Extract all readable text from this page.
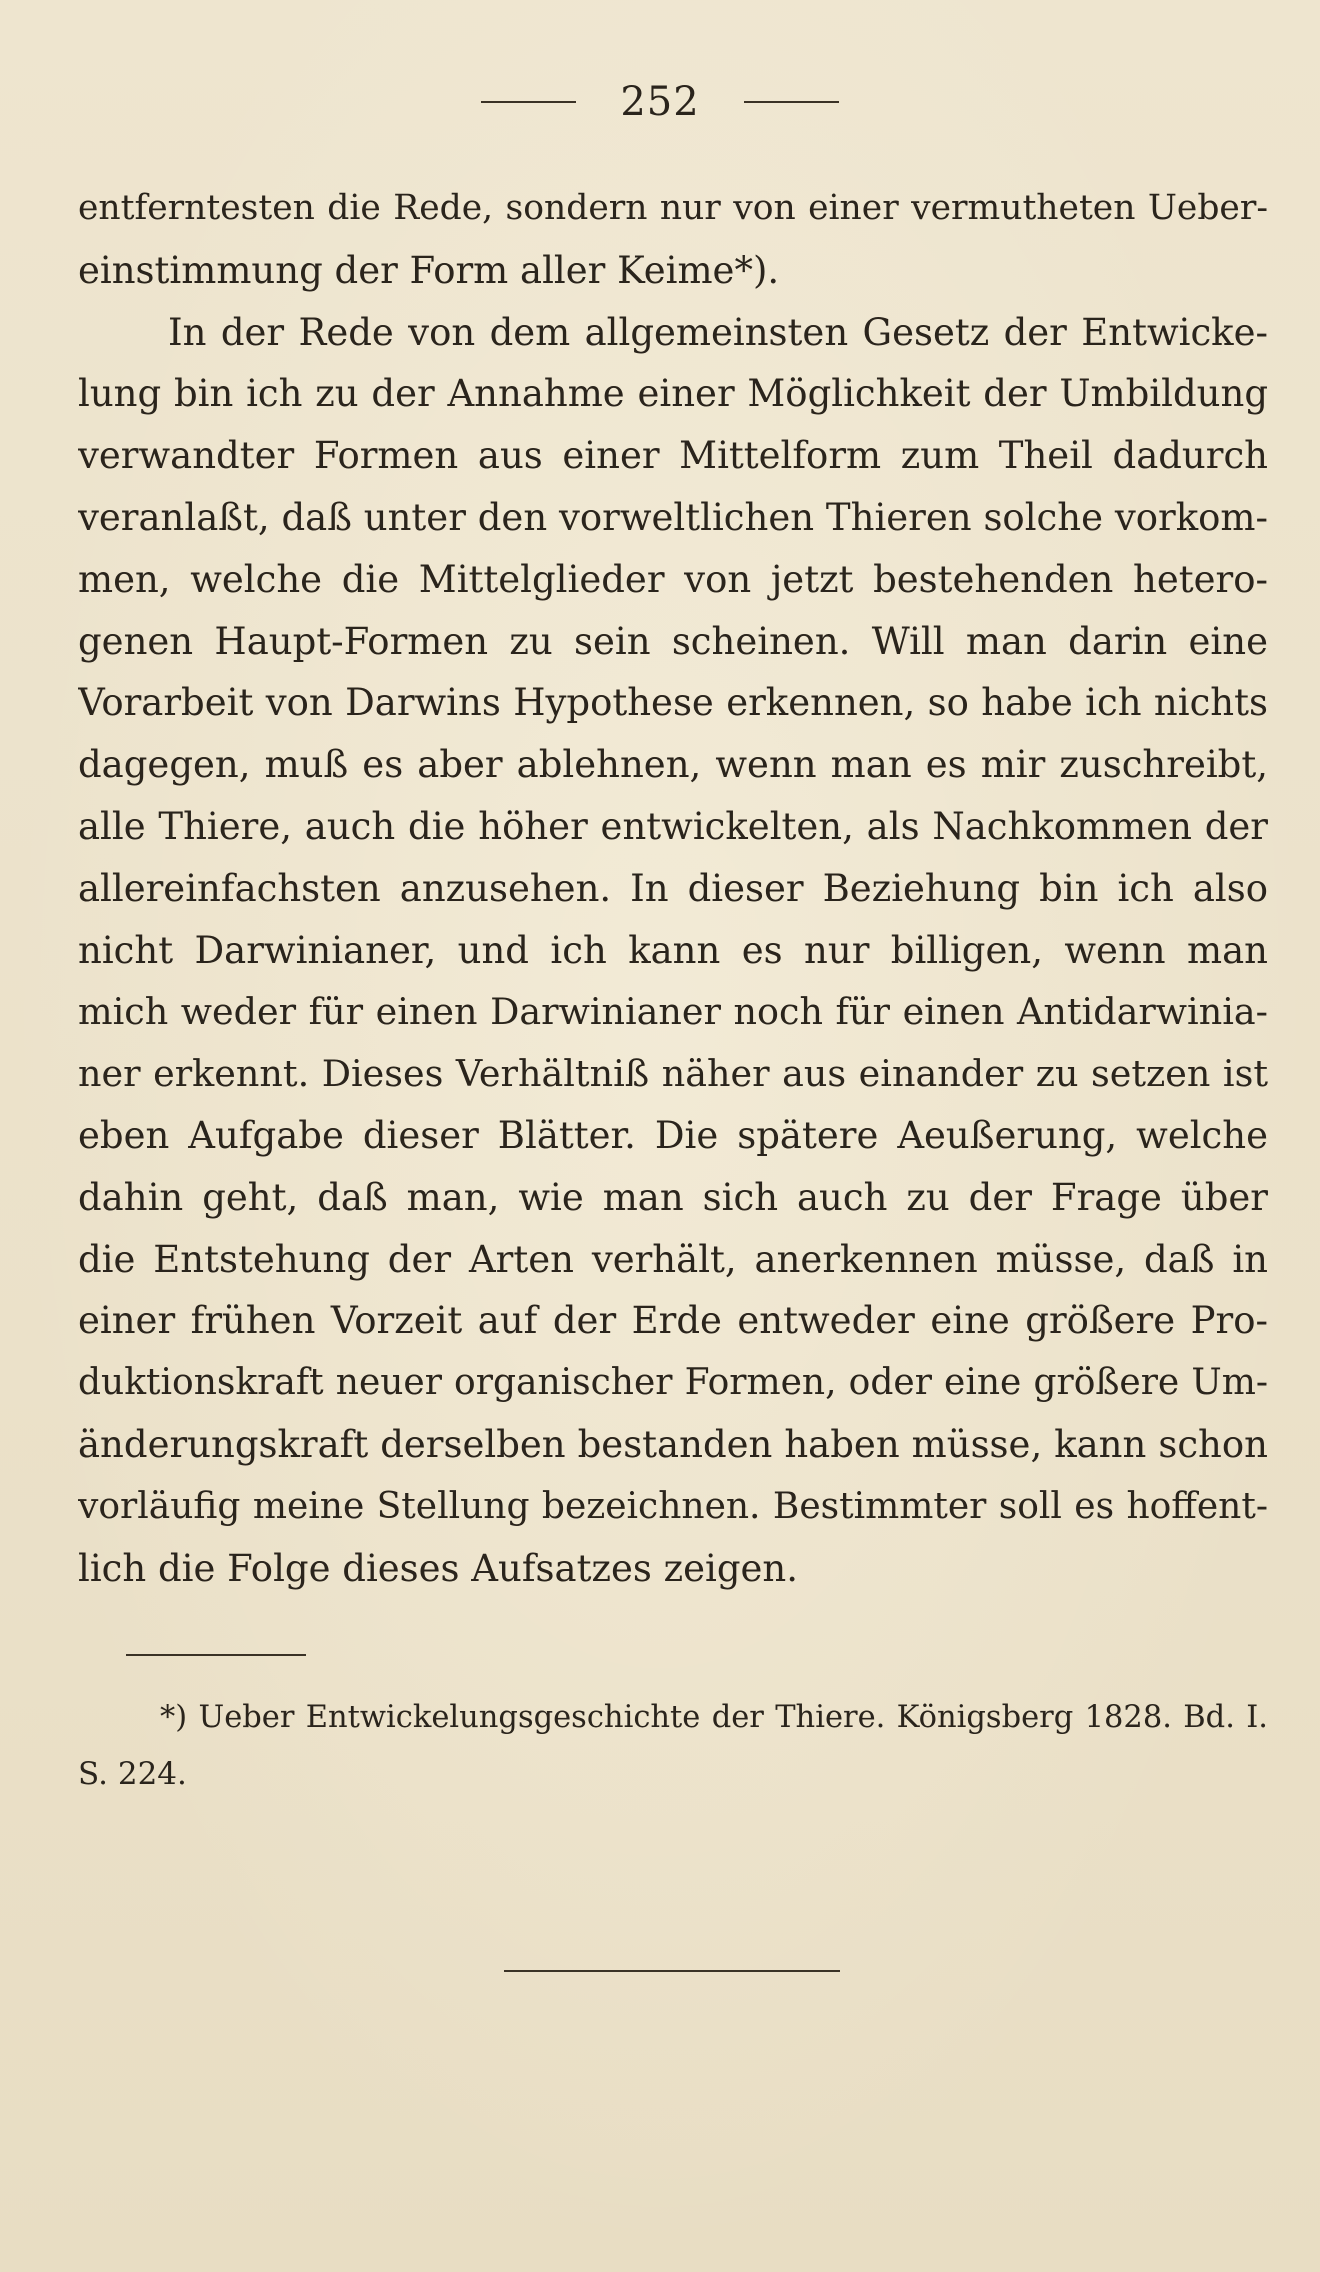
252
entferntesten die Rede, sondern nur von einer vermutheten Ueber-
einstimmung der Form aller Keime*).
In der Rede von dem allgemeinsten Gesetz der Entwicke-
lung bin ich zu der Annahme einer Möglichkeit der Umbildung
verwandter Formen aus einer Mittelform zum Theil dadurch
veranlaßt, daß unter den vorweltlichen Thieren solche vorkom-
men, welche die Mittelglieder von jetzt bestehenden hetero-
genen Haupt-Formen zu sein scheinen. Will man darin eine
Vorarbeit von Darwins Hypothese erkennen, so habe ich nichts
dagegen, muß es aber ablehnen, wenn man es mir zuschreibt,
alle Thiere, auch die höher entwickelten, als Nachkommen der
allereinfachsten anzusehen. In dieser Beziehung bin ich also
nicht Darwinianer, und ich kann es nur billigen, wenn man
mich weder für einen Darwinianer noch für einen Antidarwinia-
ner erkennt. Dieses Verhältniß näher aus einander zu setzen ist
eben Aufgabe dieser Blätter. Die spätere Aeußerung, welche
dahin geht, daß man, wie man sich auch zu der Frage über
die Entstehung der Arten verhält, anerkennen müsse, daß in
einer frühen Vorzeit auf der Erde entweder eine größere Pro-
duktionskraft neuer organischer Formen, oder eine größere Um-
änderungskraft derselben bestanden haben müsse, kann schon
vorläufig meine Stellung bezeichnen. Bestimmter soll es hoffent-
lich die Folge dieses Aufsatzes zeigen.
*) Ueber Entwickelungsgeschichte der Thiere. Königsberg 1828. Bd. I.
S. 224.
